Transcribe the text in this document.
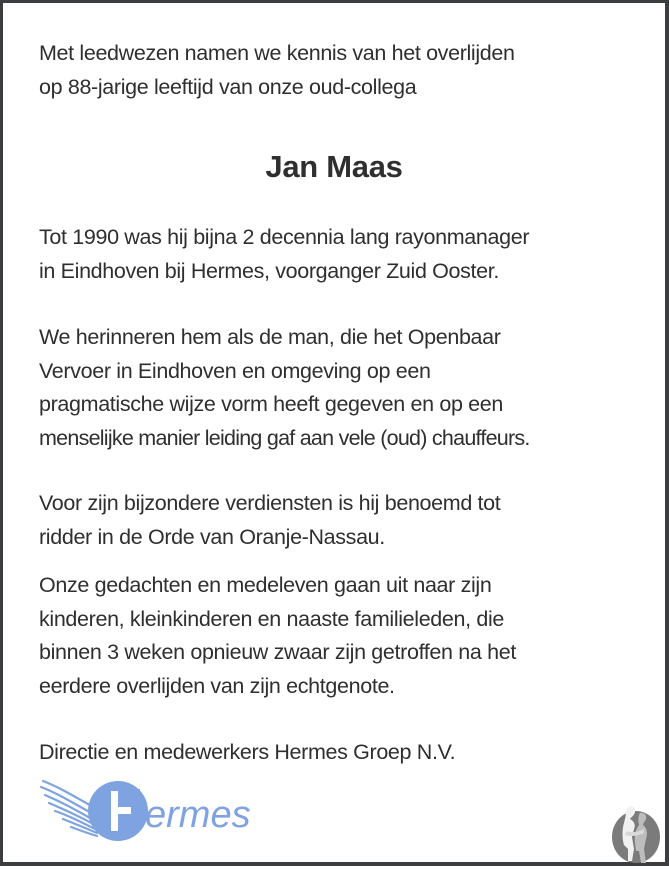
Met leedwezen namen we kennis van het overlijden
op 88-jarige leeftijd van onze oud-collega

Jan Maas

Tot 1990 was hij bijna 2 decennia lang rayonmanager
in Eindhoven bij Hermes, voorganger Zuid Ooster.

We herinneren hem als de man, die het Openbaar
Vervoer in Eindhoven en omgeving op een
pragmatische wijze vorm heeft gegeven en op een
menselijke manier leiding gaf aan vele (oud) chauffeurs.

Voor zijn bijzondere verdiensten is hij benoemd tot
ridder in de Orde van Oranje-Nassau.

Onze gedachten en medeleven gaan uit naar zijn
kinderen, kleinkinderen en naaste familieleden, die
binnen 3 weken opnieuw zwaar zijn getroffen na het
eerdere overlijden van zijn echtgenote.

Directie en medewerkers Hermes Groep N.V.

ermes
